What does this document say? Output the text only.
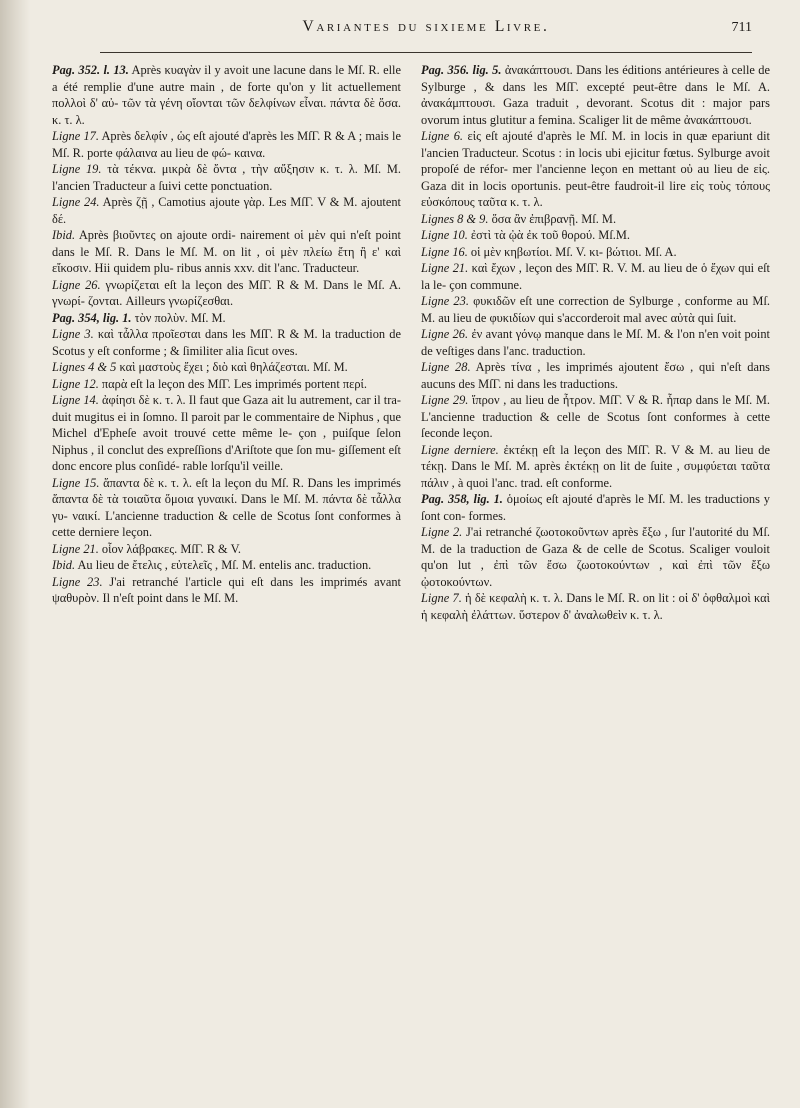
Variantes du sixieme Livre.	711

Pag. 352. l. 13. Après κυαγὰν il y avoit une lacune dans le Mſ. R. elle a été remplie d'une autre main , de forte qu'on y lit actuellement πολλοὶ δ' αὐ- τῶν τὰ γένη οἴονται τῶν δελφίνων εἶναι. πάντα δὲ ὅσα. κ. τ. λ.

Ligne 17. Après δελφίν , ὡς eſt ajouté d'après les MſΓ. R & A ; mais le Mſ. R. porte φάλαινα au lieu de φώ- καινα.

Ligne 19. τὰ τέκνα. μικρὰ δὲ ὄντα , τὴν αὔξησιν κ. τ. λ. Mſ. M. l'ancien Traducteur a ſuivi cette ponctuation.

Ligne 24. Après ζῇ , Camotius ajoute γὰρ. Les MſΓ. V & M. ajoutent δέ.

Ibid. Après βιοῦντες on ajoute ordi- nairement οἱ μὲν qui n'eſt point dans le Mſ. R. Dans le Mſ. M. on lit , οἱ μὲν πλείω ἔτη ἢ ε' καὶ εἴκοσιν. Hii quidem plu- ribus annis xxv. dit l'anc. Traducteur.

Ligne 26. γνωρίζεται eſt la leçon des MſΓ. R & M. Dans le Mſ. A. γνωρί- ζονται. Ailleurs γνωρίζεσθαι.

Pag. 354, lig. 1. τὸν πολὺν. Mſ. M.

Ligne 3. καὶ τἆλλα προῖεσται dans les MſΓ. R & M. la traduction de Scotus y eſt conforme ; & ſimiliter alia ſicut oves.

Lignes 4 & 5 καὶ μαστοὺς ἔχει ; διὸ καὶ θηλάζεσται. Mſ. M.

Ligne 12. παρὰ eſt la leçon des MſΓ. Les imprimés portent περί.

Ligne 14. ἀφίησι δὲ κ. τ. λ. Il faut que Gaza ait lu autrement, car il tra- duit mugitus ei in ſomno. Il paroit par le commentaire de Niphus , que Michel d'Epheſe avoit trouvé cette même le- çon , puiſque ſelon Niphus , il conclut des expreſſions d'Ariſtote que ſon mu- giſſement eſt donc encore plus conſidé- rable lorſqu'il veille.

Ligne 15. ἅπαντα δὲ κ. τ. λ. eſt la leçon du Mſ. R. Dans les imprimés ἅπαντα δὲ τὰ τοιαῦτα ὅμοια γυναικί. Dans le Mſ. M. πάντα δὲ τἆλλα γυ- ναικί. L'ancienne traduction & celle de Scotus ſont conformes à cette derniere leçon.

Ligne 21. οἷον λάβρακες. MſΓ. R & V.

Ibid. Au lieu de ἔτελις , εὐτελεῖς , Mſ. M. entelis anc. traduction.

Ligne 23. J'ai retranché l'article qui eſt dans les imprimés avant ψαθυρὸν. Il n'eſt point dans le Mſ. M.

Pag. 356. lig. 5. ἀνακάπτουσι. Dans les éditions antérieures à celle de Sylburge , & dans les MſΓ. excepté peut-être dans le Mſ. A. ἀνακάμπτουσι. Gaza traduit , devorant. Scotus dit : major pars ovorum intus glutitur a femina. Scaliger lit de même ἀνακάπτουσι.

Ligne 6. εἰς eſt ajouté d'après le Mſ. M. in locis in quæ epariunt dit l'ancien Traducteur. Scotus : in locis ubi ejicitur fœtus. Sylburge avoit propoſé de réfor- mer l'ancienne leçon en mettant οὐ au lieu de εἰς. Gaza dit in locis oportunis. peut-être faudroit-il lire εἰς τοὺς τόπους εὐσκόπους ταῦτα κ. τ. λ.

Lignes 8 & 9. ὅσα ἂν ἐπιβρανῇ. Mſ. M.

Ligne 10. ἐστὶ τὰ ᾠὰ ἐκ τοῦ θορού. Mſ.M.

Ligne 16. οἱ μὲν κηβωτίοι. Mſ. V. κι- βώτιοι. Mſ. A.

Ligne 21. καὶ ἔχων , leçon des MſΓ. R. V. M. au lieu de ὁ ἔχων qui eſt la le- çon commune.

Ligne 23. φυκιδῶν eſt une correction de Sylburge , conforme au Mſ. M. au lieu de φυκιδίων qui s'accorderoit mal avec αὐτὰ qui ſuit.

Ligne 26. ἐν avant γόνῳ manque dans le Mſ. M. & l'on n'en voit point de veſtiges dans l'anc. traduction.

Ligne 28. Après τίνα , les imprimés ajoutent ἔσω , qui n'eſt dans aucuns des MſΓ. ni dans les traductions.

Ligne 29. ἵπρον , au lieu de ἦτρον. MſΓ. V & R. ἧπαρ dans le Mſ. M. L'ancienne traduction & celle de Scotus ſont conformes à cette ſeconde leçon.

Ligne derniere. ἐκτέκῃ eſt la leçon des MſΓ. R. V & M. au lieu de τέκῃ. Dans le Mſ. M. après ἐκτέκῃ on lit de ſuite , συμφύεται ταῦτα πάλιν , à quoi l'anc. trad. eſt conforme.

Pag. 358, lig. 1. ὁμοίως eſt ajouté d'après le Mſ. M. les traductions y ſont con- formes.

Ligne 2. J'ai retranché ζωοτοκοῦντων après ἔξω , ſur l'autorité du Mſ. M. de la traduction de Gaza & de celle de Scotus. Scaliger vouloit qu'on lut , ἐπὶ τῶν ἔσω ζωοτοκούντων , καὶ ἐπὶ τῶν ἔξω ᾠοτοκούντων.

Ligne 7. ἡ δὲ κεφαλὴ κ. τ. λ. Dans le Mſ. R. on lit : οἱ δ' ὀφθαλμοὶ καὶ ἡ κεφαλὴ ἐλάττων. ὕστερον δ' ἀναλωθεὶν κ. τ. λ.
